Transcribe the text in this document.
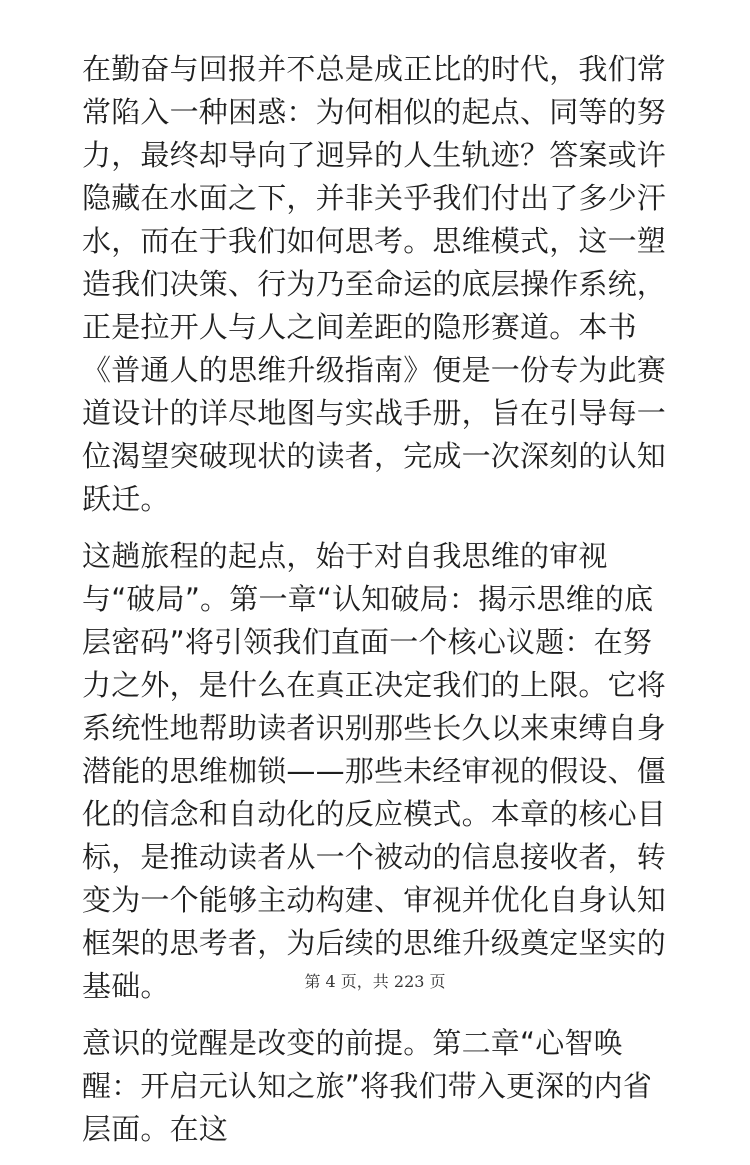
在勤奋与回报并不总是成正比的时代，我们常常陷入一种困惑：为何相似的起点、同等的努力，最终却导向了迥异的人生轨迹？答案或许隐藏在水面之下，并非关乎我们付出了多少汗水，而在于我们如何思考。思维模式，这一塑造我们决策、行为乃至命运的底层操作系统，正是拉开人与人之间差距的隐形赛道。本书《普通人的思维升级指南》便是一份专为此赛道设计的详尽地图与实战手册，旨在引导每一位渴望突破现状的读者，完成一次深刻的认知跃迁。

这趟旅程的起点，始于对自我思维的审视与“破局”。第一章“认知破局：揭示思维的底层密码”将引领我们直面一个核心议题：在努力之外，是什么在真正决定我们的上限。它将系统性地帮助读者识别那些长久以来束缚自身潜能的思维枷锁——那些未经审视的假设、僵化的信念和自动化的反应模式。本章的核心目标，是推动读者从一个被动的信息接收者，转变为一个能够主动构建、审视并优化自身认知框架的思考者，为后续的思维升级奠定坚实的基础。

意识的觉醒是改变的前提。第二章“心智唤醒：开启元认知之旅”将我们带入更深的内省层面。在这

第 4 页，共 223 页
